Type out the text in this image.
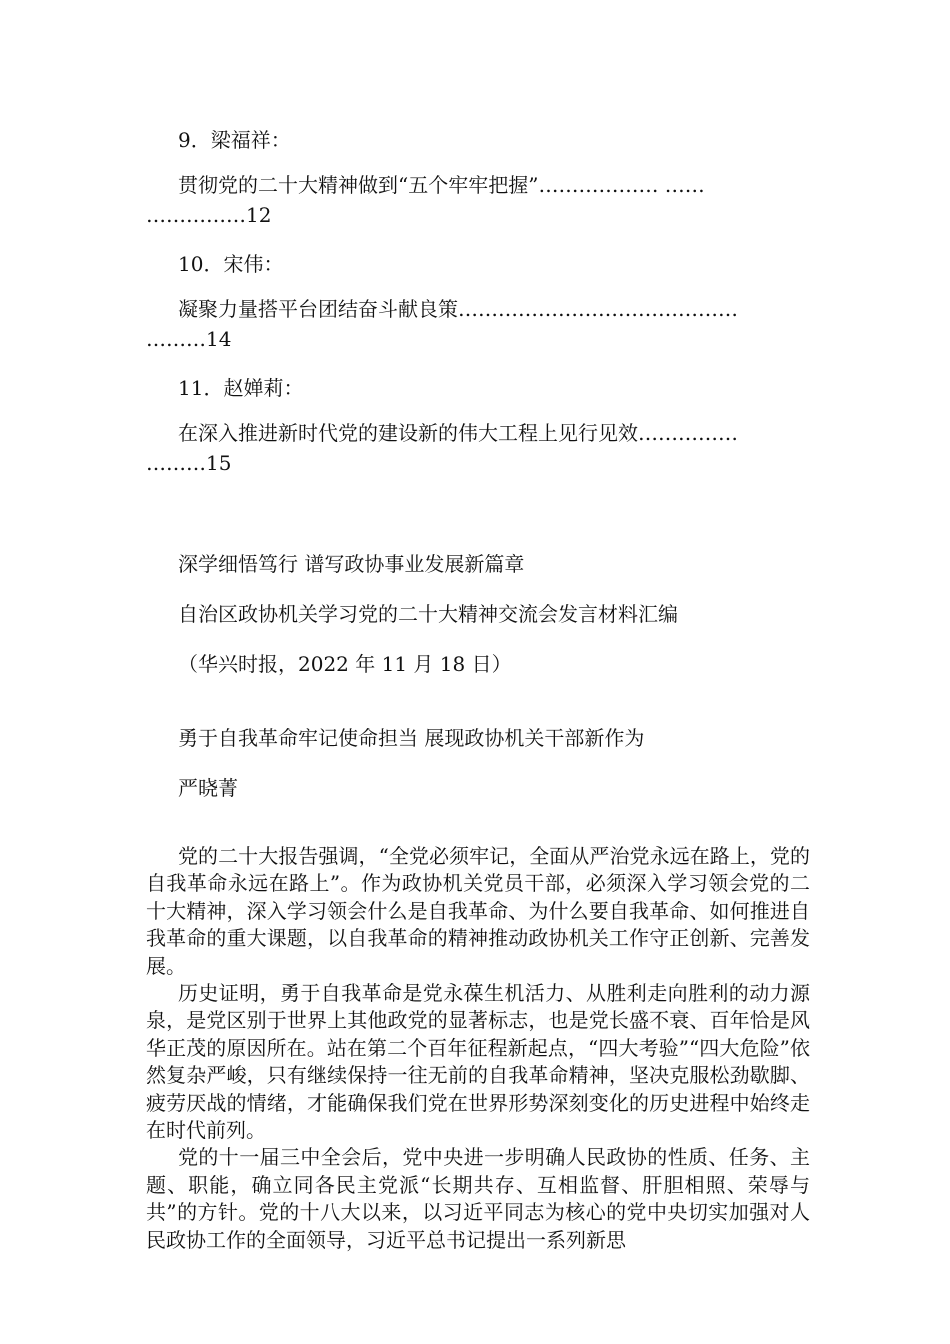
9．梁福祥：
贯彻党的二十大精神做到“五个牢牢把握”……………… ……
……………12
10．宋伟：
凝聚力量搭平台团结奋斗献良策……………………………………
………14
11．赵婵莉：
在深入推进新时代党的建设新的伟大工程上见行见效……………
………15
深学细悟笃行 谱写政协事业发展新篇章
自治区政协机关学习党的二十大精神交流会发言材料汇编
（华兴时报，2022 年 11 月 18 日）
勇于自我革命牢记使命担当 展现政协机关干部新作为
严晓菁

党的二十大报告强调，“全党必须牢记，全面从严治党永远在路上，党的自我革命永远在路上”。作为政协机关党员干部，必须深入学习领会党的二十大精神，深入学习领会什么是自我革命、为什么要自我革命、如何推进自我革命的重大课题，以自我革命的精神推动政协机关工作守正创新、完善发展。

历史证明，勇于自我革命是党永葆生机活力、从胜利走向胜利的动力源泉，是党区别于世界上其他政党的显著标志，也是党长盛不衰、百年恰是风华正茂的原因所在。站在第二个百年征程新起点，“四大考验”“四大危险”依然复杂严峻，只有继续保持一往无前的自我革命精神，坚决克服松劲歇脚、疲劳厌战的情绪，才能确保我们党在世界形势深刻变化的历史进程中始终走在时代前列。

党的十一届三中全会后，党中央进一步明确人民政协的性质、任务、主题、职能，确立同各民主党派“长期共存、互相监督、肝胆相照、荣辱与共”的方针。党的十八大以来，以习近平同志为核心的党中央切实加强对人民政协工作的全面领导，习近平总书记提出一系列新思
